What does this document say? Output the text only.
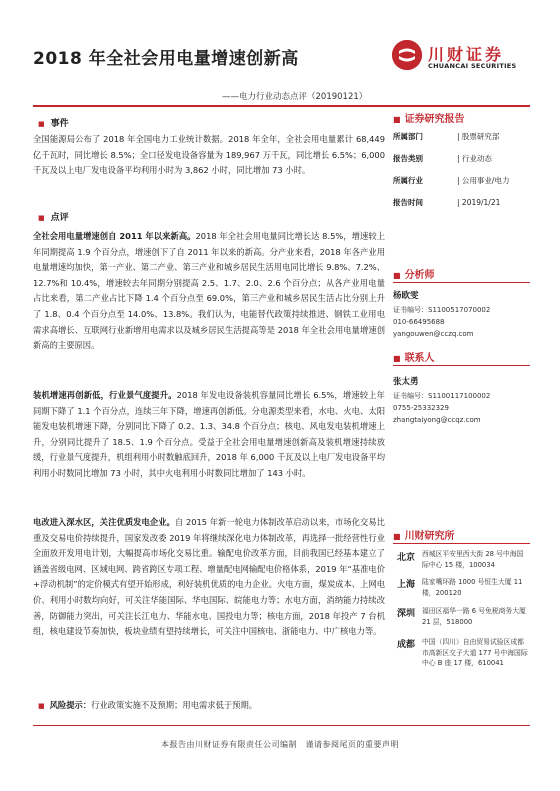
2018 年全社会用电量增速创新高
——电力行业动态点评（20190121）
川财证券
CHUANCAI SECURITIES
■ 事件
全国能源局公布了 2018 年全国电力工业统计数据。2018 年全年，全社会用电量累计 68,449 亿千瓦时，同比增长 8.5%；全口径发电设备容量为 189,967 万千瓦，同比增长 6.5%；6,000 千瓦及以上电厂发电设备平均利用小时为 3,862 小时，同比增加 73 小时。
■ 点评
全社会用电量增速创自 2011 年以来新高。2018 年全社会用电量同比增长达 8.5%，增速较上年同期提高 1.9 个百分点，增速创下了自 2011 年以来的新高。分产业来看，2018 年各产业用电量增速均加快，第一产业、第二产业、第三产业和城乡居民生活用电同比增长 9.8%、7.2%、12.7%和 10.4%，增速较去年同期分别提高 2.5、1.7、2.0、2.6 个百分点；从各产业用电量占比来看，第二产业占比下降 1.4 个百分点至 69.0%，第三产业和城乡居民生活占比分别上升了 1.8、0.4 个百分点至 14.0%、13.8%。我们认为，电能替代政策持续推进、钢铁工业用电需求高增长、互联网行业新增用电需求以及城乡居民生活提高等是 2018 年全社会用电量增速创新高的主要原因。
装机增速再创新低，行业景气度提升。2018 年发电设备装机容量同比增长 6.5%，增速较上年同期下降了 1.1 个百分点，连续三年下降，增速再创新低。分电源类型来看，水电、火电、太阳能发电装机增速下降，分别同比下降了 0.2、1.3、34.8 个百分点；核电、风电发电装机增速上升，分别同比提升了 18.5、1.9 个百分点。受益于全社会用电量增速创新高及装机增速持续放缓，行业景气度提升，机组利用小时数触底回升，2018 年 6,000 千瓦及以上电厂发电设备平均利用小时数同比增加 73 小时，其中火电利用小时数同比增加了 143 小时。
电改进入深水区，关注优质发电企业。自 2015 年新一轮电力体制改革启动以来，市场化交易比重及交易电价持续提升，国家发改委 2019 年将继续深化电力体制改革，再选择一批经营性行业全面放开发用电计划，大幅提高市场化交易比重。输配电价改革方面，目前我国已经基本建立了涵盖省级电网、区域电网、跨省跨区专项工程、增量配电网输配电价格体系，2019 年“基准电价+浮动机制”的定价模式有望开始形成，利好装机优质的电力企业。火电方面，煤炭成本、上网电价、利用小时数均向好，可关注华能国际、华电国际、皖能电力等；水电方面，消纳能力持续改善，防御能力突出，可关注长江电力、华能水电、国投电力等；核电方面，2018 年投产 7 台机组，核电建设节奏加快，板块业绩有望持续增长，可关注中国核电、浙能电力、中广核电力等。
■ 风险提示：行业政策实施不及预期；用电需求低于预期。
■ 证券研究报告
所属部门	| 股票研究部
报告类别	| 行业动态
所属行业	| 公用事业/电力
报告时间	| 2019/1/21
■ 分析师
杨欧雯
证书编号：S1100517070002
010-66495688
yangouwen@cczq.com
■ 联系人
张太勇
证书编号：S1100117100002
0755-25332329
zhangtaiyong@ccqz.com
■ 川财研究所
北京 西城区平安里西大街 28 号中海国际中心 15 楼，100034
上海 陆家嘴环路 1000 号恒生大厦 11 楼，200120
深圳 福田区福华一路 6 号免税商务大厦 21 层，518000
成都 中国（四川）自由贸易试验区成都市高新区交子大道 177 号中海国际中心 B 座 17 楼，610041
本报告由川财证券有限责任公司编制　谨请参阅尾页的重要声明
